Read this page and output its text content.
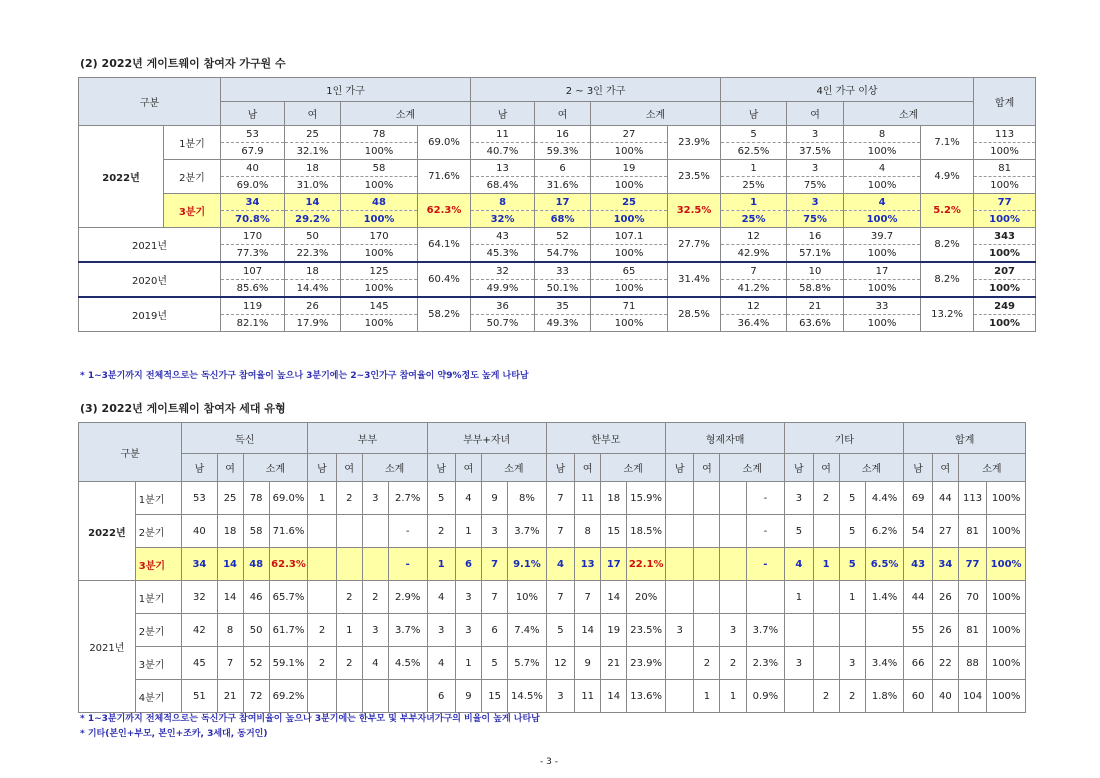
(2) 2022년 게이트웨이 참여자 가구원 수
구분		1인 가구				2 ~ 3인 가구				4인 가구 이상				합계
		남	여	소계		남	여	소계		남	여	소계		
2022년	1분기	53	25	78	69.0%	11	16	27	23.9%	5	3	8	7.1%	113
		67.9	32.1%	100%		40.7%	59.3%	100%		62.5%	37.5%	100%		100%
	2분기	40	18	58	71.6%	13	6	19	23.5%	1	3	4	4.9%	81
		69.0%	31.0%	100%		68.4%	31.6%	100%		25%	75%	100%		100%
	3분기	34	14	48	62.3%	8	17	25	32.5%	1	3	4	5.2%	77
		70.8%	29.2%	100%		32%	68%	100%		25%	75%	100%		100%
2021년		170	50	170	64.1%	43	52	107.1	27.7%	12	16	39.7	8.2%	343
		77.3%	22.3%	100%		45.3%	54.7%	100%		42.9%	57.1%	100%		100%
2020년		107	18	125	60.4%	32	33	65	31.4%	7	10	17	8.2%	207
		85.6%	14.4%	100%		49.9%	50.1%	100%		41.2%	58.8%	100%		100%
2019년		119	26	145	58.2%	36	35	71	28.5%	12	21	33	13.2%	249
		82.1%	17.9%	100%		50.7%	49.3%	100%		36.4%	63.6%	100%		100%
* 1~3분기까지 전체적으로는 독신가구 참여율이 높으나 3분기에는 2~3인가구 참여율이 약9%정도 높게 나타남
(3) 2022년 게이트웨이 참여자 세대 유형
구분		독신				부부				부부+자녀				한부모				형제자매				기타				합계			
		남	여	소계		남	여	소계		남	여	소계		남	여	소계		남	여	소계		남	여	소계		남	여	소계	
2022년	1분기	53	25	78	69.0%	1	2	3	2.7%	5	4	9	8%	7	11	18	15.9%				-	3	2	5	4.4%	69	44	113	100%
	2분기	40	18	58	71.6%				-	2	1	3	3.7%	7	8	15	18.5%				-	5		5	6.2%	54	27	81	100%
	3분기	34	14	48	62.3%				-	1	6	7	9.1%	4	13	17	22.1%				-	4	1	5	6.5%	43	34	77	100%
2021년	1분기	32	14	46	65.7%		2	2	2.9%	4	3	7	10%	7	7	14	20%					1		1	1.4%	44	26	70	100%
	2분기	42	8	50	61.7%	2	1	3	3.7%	3	3	6	7.4%	5	14	19	23.5%	3		3	3.7%					55	26	81	100%
	3분기	45	7	52	59.1%	2	2	4	4.5%	4	1	5	5.7%	12	9	21	23.9%		2	2	2.3%	3		3	3.4%	66	22	88	100%
	4분기	51	21	72	69.2%					6	9	15	14.5%	3	11	14	13.6%		1	1	0.9%		2	2	1.8%	60	40	104	100%
* 1~3분기까지 전체적으로는 독신가구 참여비율이 높으나 3분기에는 한부모 및 부부자녀가구의 비율이 높게 나타남
* 기타(본인+부모, 본인+조카, 3세대, 동거인)
- 3 -
